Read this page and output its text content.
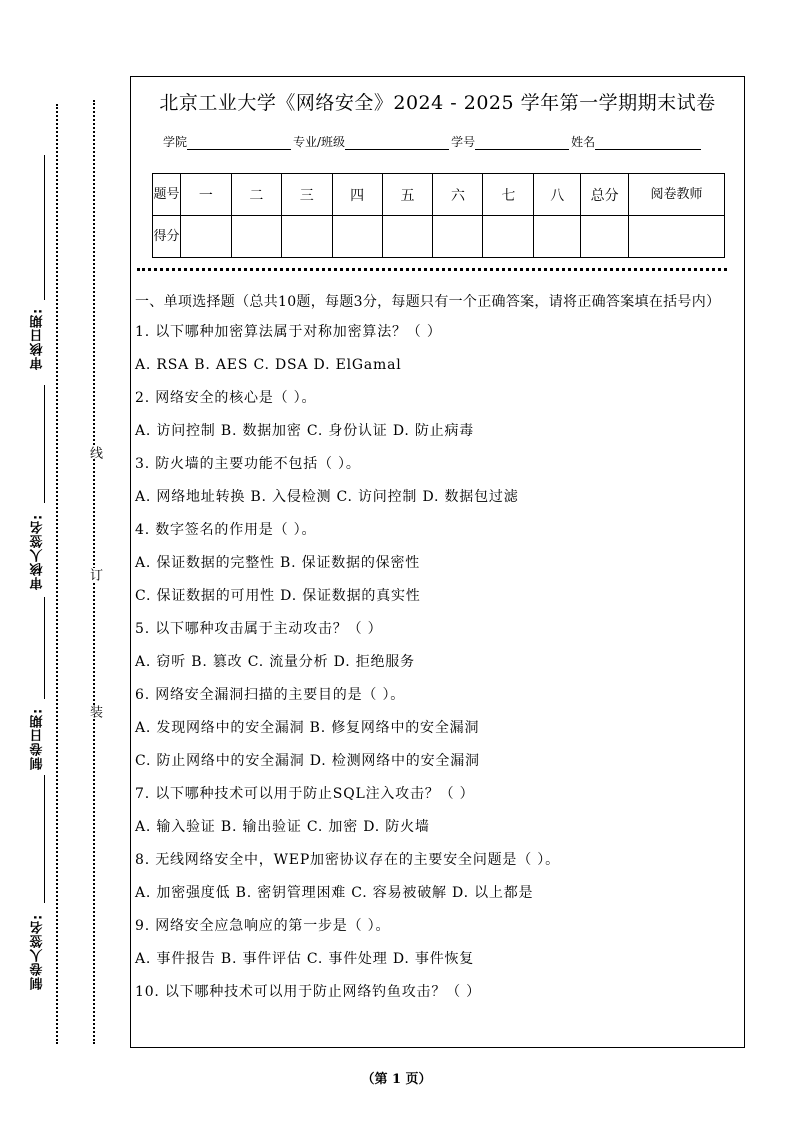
审核日期:
审核人签名:
制卷日期:
制卷人签名:
线
订
装
北京工业大学《网络安全》2024 - 2025 学年第一学期期末试卷
学院	专业/班级	学号	姓名
题号	一	二	三	四	五	六	七	八	总分	阅卷教师
得分										
一、单项选择题（总共10题，每题3分，每题只有一个正确答案，请将正确答案填在括号内）
1. 以下哪种加密算法属于对称加密算法？（ ）
A. RSA B. AES C. DSA D. ElGamal
2. 网络安全的核心是（ ）。
A. 访问控制 B. 数据加密 C. 身份认证 D. 防止病毒
3. 防火墙的主要功能不包括（ ）。
A. 网络地址转换 B. 入侵检测 C. 访问控制 D. 数据包过滤
4. 数字签名的作用是（ ）。
A. 保证数据的完整性 B. 保证数据的保密性
C. 保证数据的可用性 D. 保证数据的真实性
5. 以下哪种攻击属于主动攻击？（ ）
A. 窃听 B. 篡改 C. 流量分析 D. 拒绝服务
6. 网络安全漏洞扫描的主要目的是（ ）。
A. 发现网络中的安全漏洞 B. 修复网络中的安全漏洞
C. 防止网络中的安全漏洞 D. 检测网络中的安全漏洞
7. 以下哪种技术可以用于防止SQL注入攻击？（ ）
A. 输入验证 B. 输出验证 C. 加密 D. 防火墙
8. 无线网络安全中，WEP加密协议存在的主要安全问题是（ ）。
A. 加密强度低 B. 密钥管理困难 C. 容易被破解 D. 以上都是
9. 网络安全应急响应的第一步是（ ）。
A. 事件报告 B. 事件评估 C. 事件处理 D. 事件恢复
10. 以下哪种技术可以用于防止网络钓鱼攻击？（ ）
（第 1 页）
